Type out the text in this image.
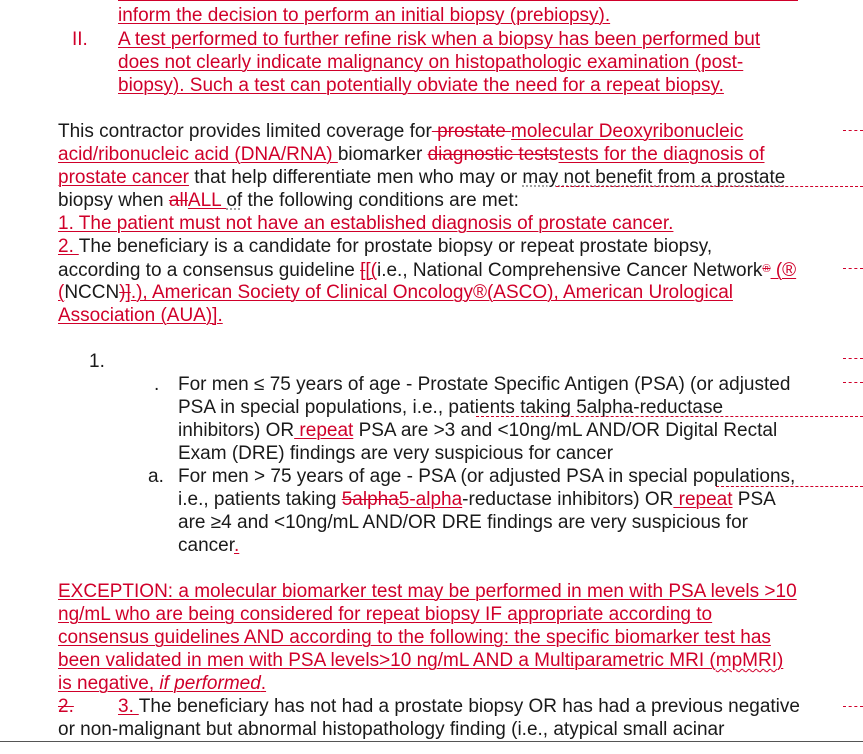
inform the decision to perform an initial biopsy (prebiopsy).
II. A test performed to further refine risk when a biopsy has been performed but
does not clearly indicate malignancy on histopathologic examination (post-
biopsy). Such a test can potentially obviate the need for a repeat biopsy.
This contractor provides limited coverage for prostate molecular Deoxyribonucleic
acid/ribonucleic acid (DNA/RNA) biomarker diagnostic teststests for the diagnosis of
prostate cancer that help differentiate men who may or may not benefit from a prostate
biopsy when allALL of the following conditions are met:
1. The patient must not have an established diagnosis of prostate cancer.
2. The beneficiary is a candidate for prostate biopsy or repeat prostate biopsy,
according to a consensus guideline [[(i.e., National Comprehensive Cancer Network® (®
(NCCN)].), American Society of Clinical Oncology®(ASCO), American Urological
Association (AUA)].
1.
. For men ≤ 75 years of age - Prostate Specific Antigen (PSA) (or adjusted
PSA in special populations, i.e., patients taking 5alpha-reductase
inhibitors) OR repeat PSA are >3 and <10ng/mL AND/OR Digital Rectal
Exam (DRE) findings are very suspicious for cancer
a. For men > 75 years of age - PSA (or adjusted PSA in special populations,
i.e., patients taking 5alpha5-alpha-reductase inhibitors) OR repeat PSA
are ≥4 and <10ng/mL AND/OR DRE findings are very suspicious for
cancer.
EXCEPTION: a molecular biomarker test may be performed in men with PSA levels >10
ng/mL who are being considered for repeat biopsy IF appropriate according to
consensus guidelines AND according to the following: the specific biomarker test has
been validated in men with PSA levels>10 ng/mL AND a Multiparametric MRI (mpMRI)
is negative, if performed.
2. 3. The beneficiary has not had a prostate biopsy OR has had a previous negative
or non-malignant but abnormal histopathology finding (i.e., atypical small acinar
